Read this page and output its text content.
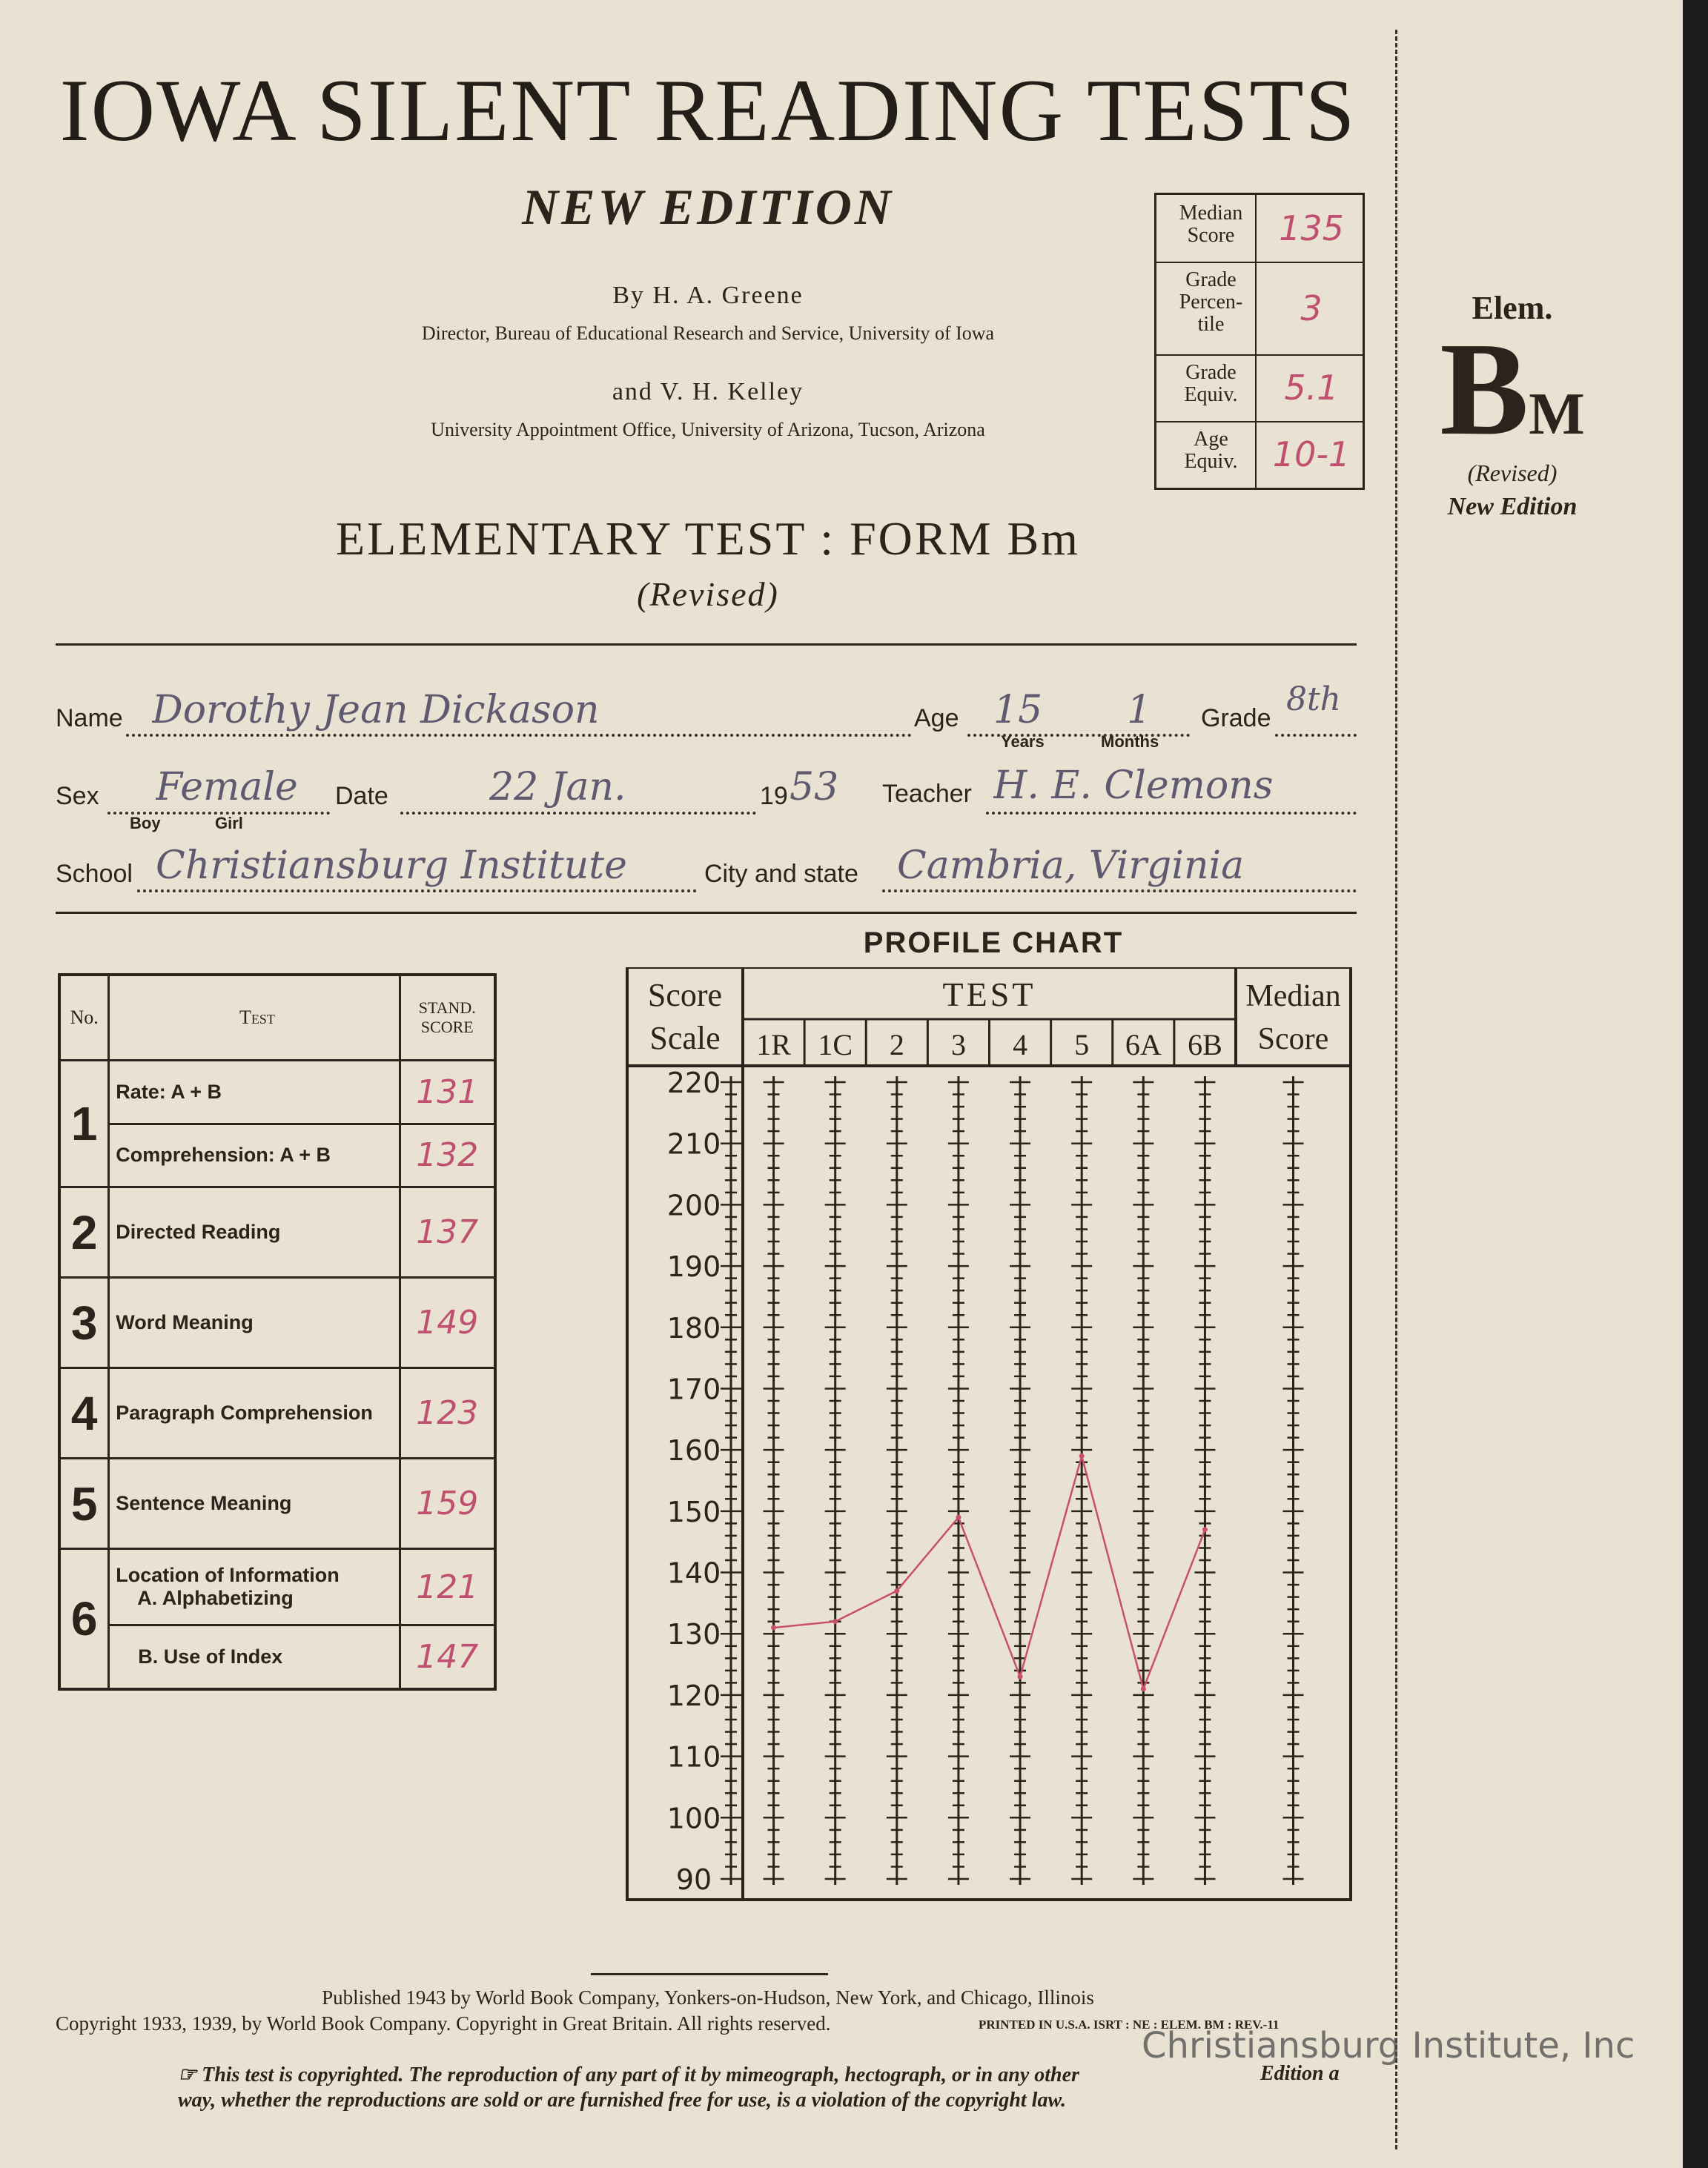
IOWA SILENT READING TESTS
NEW EDITION
By H. A. Greene
Director, Bureau of Educational Research and Service, University of Iowa
and V. H. Kelley
University Appointment Office, University of Arizona, Tucson, Arizona
ELEMENTARY TEST : FORM Bm
(Revised)
Median Score	135
Grade Percen- tile	3
Grade Equiv.	5.1
Age Equiv.	10-1
Elem.
BM
(Revised)
New Edition
Name Dorothy Jean Dickason	Age 15 1
Years	Months
Grade 8th
Sex Female
Boy	Girl
Date	22 Jan.	19 53	Teacher H. E. Clemons
School Christiansburg Institute	City and state Cambria, Virginia
No.	Test	STAND. SCORE
1	Rate: A + B	131
	Comprehension: A + B	132
2	Directed Reading	137
3	Word Meaning	149
4	Paragraph Comprehension	123
5	Sentence Meaning	159
6	Location of Information
A. Alphabetizing	121
	B. Use of Index	147
PROFILE CHART
Score
Scale
TEST	Median
Score
1R 1C 2 3 4 5 6A 6B
220
210
200
190
180
170
160
150
140
130
120
110
100
90
Published 1943 by World Book Company, Yonkers-on-Hudson, New York, and Chicago, Illinois
Copyright 1933, 1939, by World Book Company. Copyright in Great Britain. All rights reserved.	PRINTED IN U.S.A. ISRT : NE : ELEM. BM : REV.-11
☞ This test is copyrighted. The reproduction of any part of it by mimeograph, hectograph, or in any other
way, whether the reproductions are sold or are furnished free for use, is a violation of the copyright law.
Edition a
Christiansburg Institute, Inc
